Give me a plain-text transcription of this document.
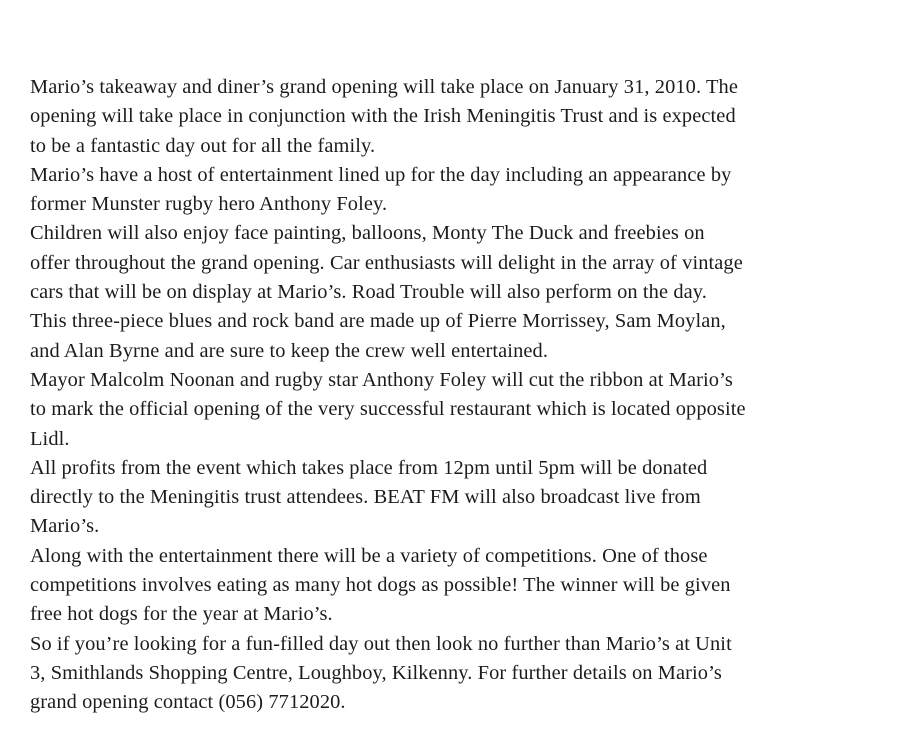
Mario’s takeaway and diner’s grand opening will take place on January 31, 2010. The
opening will take place in conjunction with the Irish Meningitis Trust and is expected
to be a fantastic day out for all the family.
Mario’s have a host of entertainment lined up for the day including an appearance by
former Munster rugby hero Anthony Foley.
Children will also enjoy face painting, balloons, Monty The Duck and freebies on
offer throughout the grand opening. Car enthusiasts will delight in the array of vintage
cars that will be on display at Mario’s. Road Trouble will also perform on the day.
This three-piece blues and rock band are made up of Pierre Morrissey, Sam Moylan,
and Alan Byrne and are sure to keep the crew well entertained.
Mayor Malcolm Noonan and rugby star Anthony Foley will cut the ribbon at Mario’s
to mark the official opening of the very successful restaurant which is located opposite
Lidl.
All profits from the event which takes place from 12pm until 5pm will be donated
directly to the Meningitis trust attendees. BEAT FM will also broadcast live from
Mario’s.
Along with the entertainment there will be a variety of competitions. One of those
competitions involves eating as many hot dogs as possible! The winner will be given
free hot dogs for the year at Mario’s.
So if you’re looking for a fun-filled day out then look no further than Mario’s at Unit
3, Smithlands Shopping Centre, Loughboy, Kilkenny. For further details on Mario’s
grand opening contact (056) 7712020.
